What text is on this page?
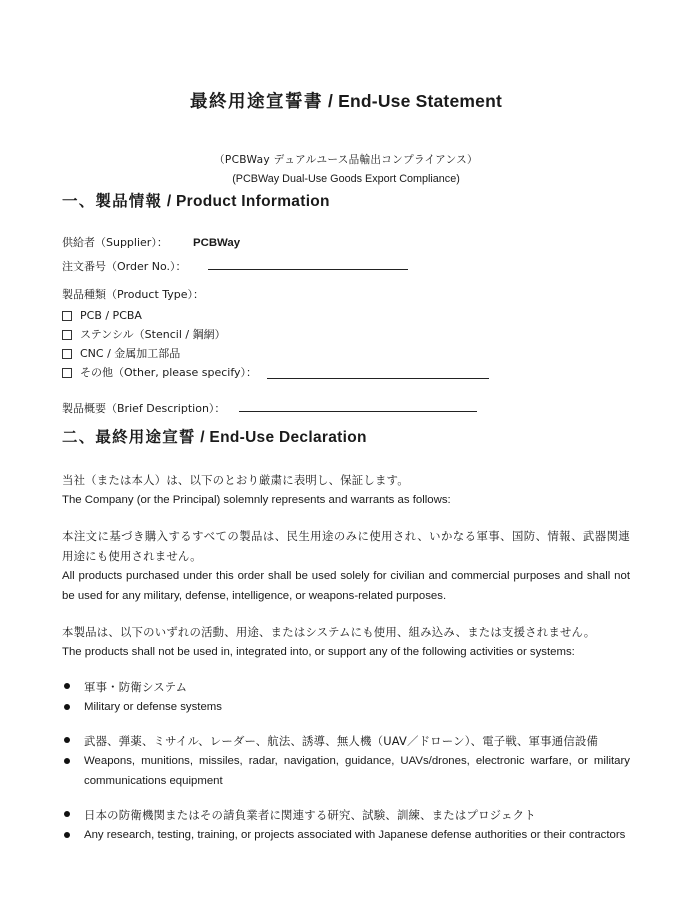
最終用途宣誓書 / End-Use Statement
（PCBWay デュアルユース品輸出コンプライアンス）
(PCBWay Dual-Use Goods Export Compliance)
一、製品情報 / Product Information
供給者（Supplier）： PCBWay
注文番号（Order No.）：
製品種類（Product Type）：
PCB / PCBA
ステンシル（Stencil / 鋼網）
CNC / 金属加工部品
その他（Other, please specify）：
製品概要（Brief Description）：
二、最終用途宣誓 / End-Use Declaration

当社（または本人）は、以下のとおり厳粛に表明し、保証します。
The Company (or the Principal) solemnly represents and warrants as follows:

本注文に基づき購入するすべての製品は、民生用途のみに使用され、いかなる軍事、国防、情報、武器関連用途にも使用されません。
All products purchased under this order shall be used solely for civilian and commercial purposes and shall not be used for any military, defense, intelligence, or weapons-related purposes.

本製品は、以下のいずれの活動、用途、またはシステムにも使用、組み込み、または支援されません。
The products shall not be used in, integrated into, or support any of the following activities or systems:

軍事・防衛システム
Military or defense systems
武器、弾薬、ミサイル、レーダー、航法、誘導、無人機（UAV／ドローン）、電子戦、軍事通信設備
Weapons, munitions, missiles, radar, navigation, guidance, UAVs/drones, electronic warfare, or military communications equipment
日本の防衛機関またはその請負業者に関連する研究、試験、訓練、またはプロジェクト
Any research, testing, training, or projects associated with Japanese defense authorities or their contractors
